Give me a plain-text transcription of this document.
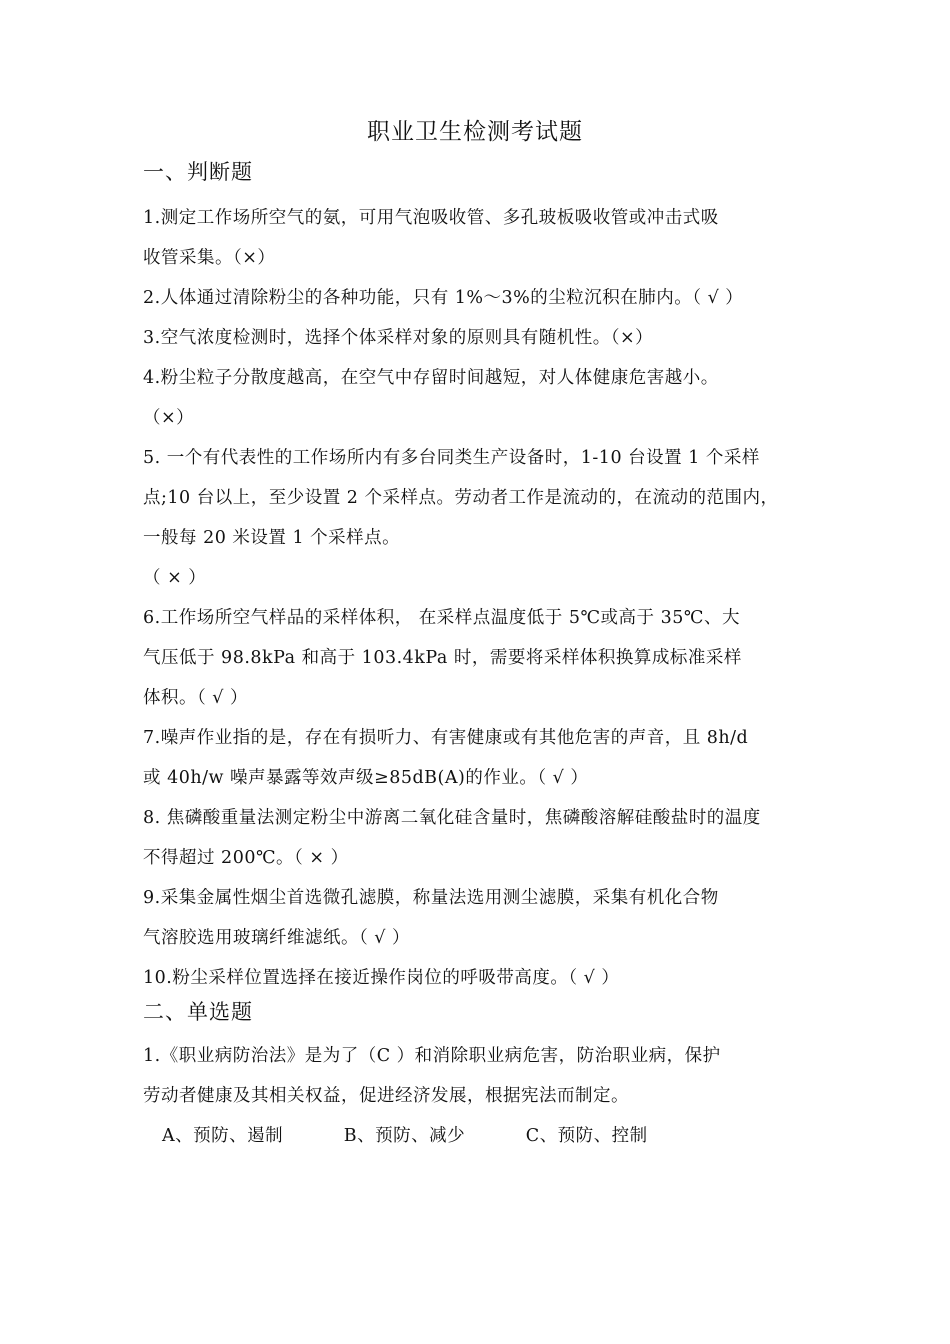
职业卫生检测考试题
一、判断题
1.测定工作场所空气的氨，可用气泡吸收管、多孔玻板吸收管或冲击式吸
收管采集。（×）
2.人体通过清除粉尘的各种功能，只有 1%～3%的尘粒沉积在肺内。（ √ ）
3.空气浓度检测时，选择个体采样对象的原则具有随机性。（×）
4.粉尘粒子分散度越高，在空气中存留时间越短，对人体健康危害越小。
（×）
5. 一个有代表性的工作场所内有多台同类生产设备时，1-10 台设置 1 个采样
点;10 台以上，至少设置 2 个采样点。劳动者工作是流动的，在流动的范围内，
一般每 20 米设置 1 个采样点。
（ × ）
6.工作场所空气样品的采样体积， 在采样点温度低于 5℃或高于 35℃、大
气压低于 98.8kPa 和高于 103.4kPa 时，需要将采样体积换算成标准采样
体积。（ √ ）
7.噪声作业指的是，存在有损听力、有害健康或有其他危害的声音，且 8h/d
或 40h/w 噪声暴露等效声级≥85dB(A)的作业。（ √ ）
8. 焦磷酸重量法测定粉尘中游离二氧化硅含量时，焦磷酸溶解硅酸盐时的温度
不得超过 200℃。（ × ）
9.采集金属性烟尘首选微孔滤膜，称量法选用测尘滤膜，采集有机化合物
气溶胶选用玻璃纤维滤纸。（ √ ）
10.粉尘采样位置选择在接近操作岗位的呼吸带高度。（ √ ）
二、单选题
1.《职业病防治法》是为了（C ）和消除职业病危害，防治职业病，保护
劳动者健康及其相关权益，促进经济发展，根据宪法而制定。
A、预防、遏制	B、预防、减少	C、预防、控制
